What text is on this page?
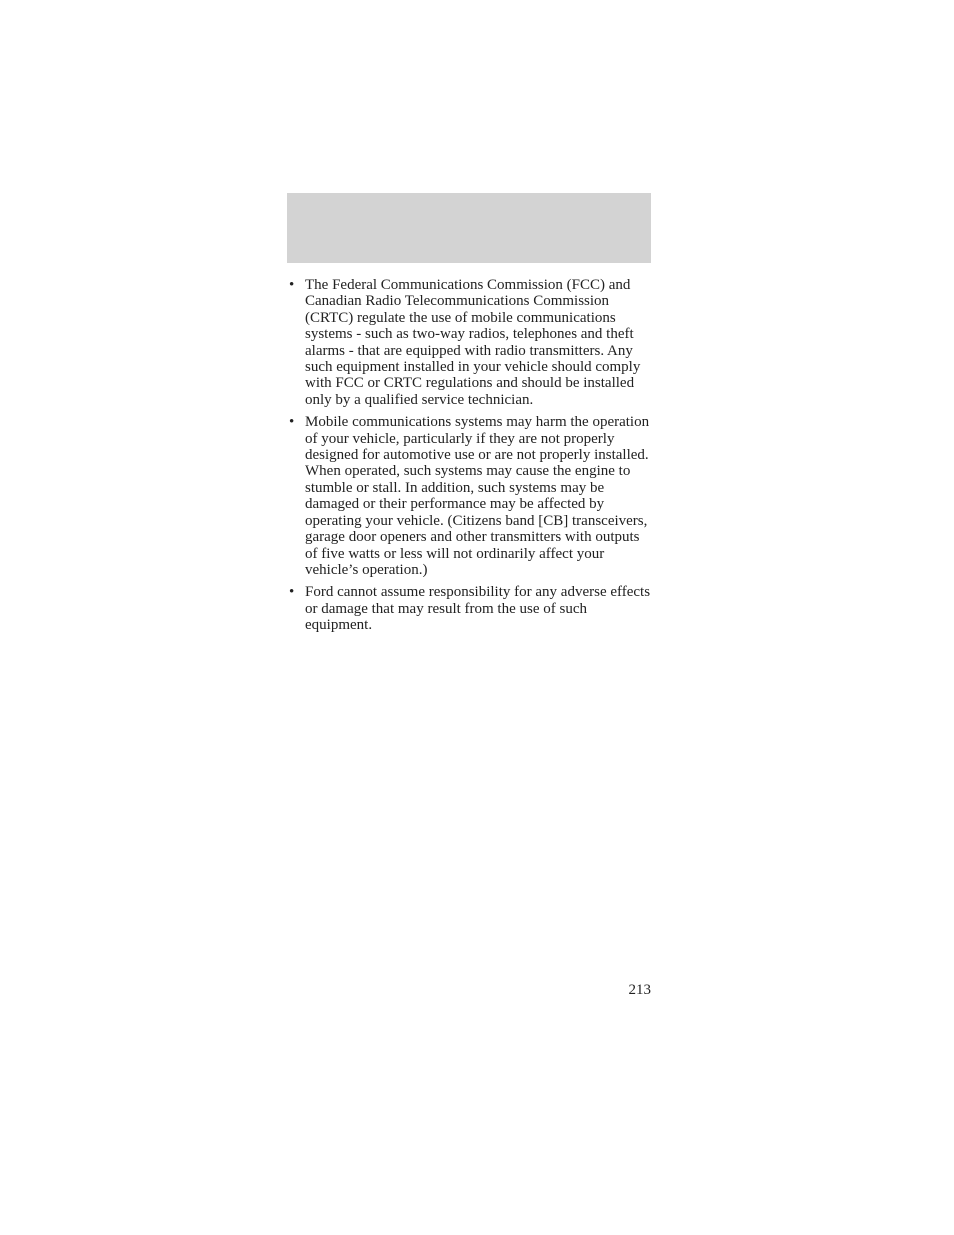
• The Federal Communications Commission (FCC) and Canadian Radio Telecommunications Commission (CRTC) regulate the use of mobile communications systems - such as two-way radios, telephones and theft alarms - that are equipped with radio transmitters. Any such equipment installed in your vehicle should comply with FCC or CRTC regulations and should be installed only by a qualified service technician.
• Mobile communications systems may harm the operation of your vehicle, particularly if they are not properly designed for automotive use or are not properly installed. When operated, such systems may cause the engine to stumble or stall. In addition, such systems may be damaged or their performance may be affected by operating your vehicle. (Citizens band [CB] transceivers, garage door openers and other transmitters with outputs of five watts or less will not ordinarily affect your vehicle’s operation.)
• Ford cannot assume responsibility for any adverse effects or damage that may result from the use of such equipment.
213
